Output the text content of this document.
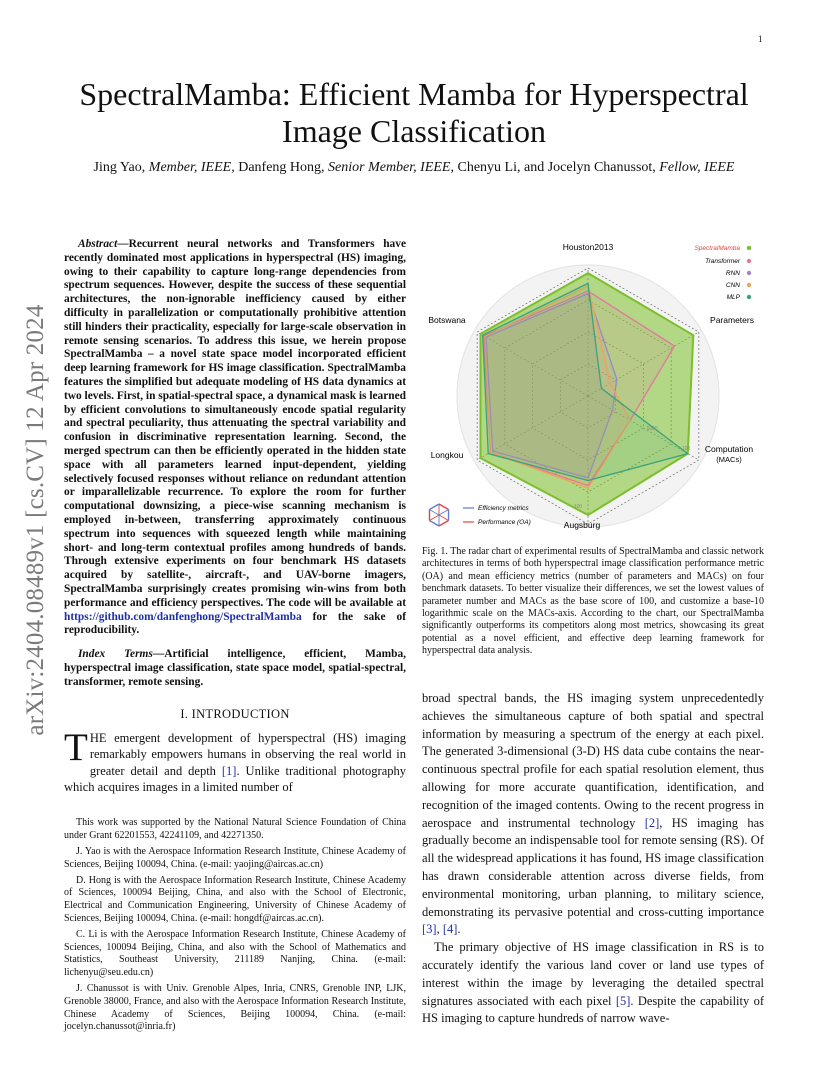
1
arXiv:2404.08489v1 [cs.CV] 12 Apr 2024
SpectralMamba: Efficient Mamba for Hyperspectral
Image Classification
Jing Yao, Member, IEEE, Danfeng Hong, Senior Member, IEEE, Chenyu Li, and Jocelyn Chanussot, Fellow, IEEE

Abstract—Recurrent neural networks and Transformers have recently dominated most applications in hyperspectral (HS) imaging, owing to their capability to capture long-range dependencies from spectrum sequences. However, despite the success of these sequential architectures, the non-ignorable inefficiency caused by either difficulty in parallelization or computationally prohibitive attention still hinders their practicality, especially for large-scale observation in remote sensing scenarios. To address this issue, we herein propose SpectralMamba – a novel state space model incorporated efficient deep learning framework for HS image classification. SpectralMamba features the simplified but adequate modeling of HS data dynamics at two levels. First, in spatial-spectral space, a dynamical mask is learned by efficient convolutions to simultaneously encode spatial regularity and spectral peculiarity, thus attenuating the spectral variability and confusion in discriminative representation learning. Second, the merged spectrum can then be efficiently operated in the hidden state space with all parameters learned input-dependent, yielding selectively focused responses without reliance on redundant attention or imparallelizable recurrence. To explore the room for further computational downsizing, a piece-wise scanning mechanism is employed in-between, transferring approximately continuous spectrum into sequences with squeezed length while maintaining short- and long-term contextual profiles among hundreds of bands. Through extensive experiments on four benchmark HS datasets acquired by satellite-, aircraft-, and UAV-borne imagers, SpectralMamba surprisingly creates promising win-wins from both performance and efficiency perspectives. The code will be available at https://github.com/danfenghong/SpectralMamba for the sake of reproducibility.

Index Terms—Artificial intelligence, efficient, Mamba, hyperspectral image classification, state space model, spatial-spectral, transformer, remote sensing.

I. INTRODUCTION

THE emergent development of hyperspectral (HS) imaging remarkably empowers humans in observing the real world in greater detail and depth [1]. Unlike traditional photography which acquires images in a limited number of

This work was supported by the National Natural Science Foundation of China under Grant 62201553, 42241109, and 42271350.

J. Yao is with the Aerospace Information Research Institute, Chinese Academy of Sciences, Beijing 100094, China. (e-mail: yaojing@aircas.ac.cn)

D. Hong is with the Aerospace Information Research Institute, Chinese Academy of Sciences, 100094 Beijing, China, and also with the School of Electronic, Electrical and Communication Engineering, University of Chinese Academy of Sciences, Beijing 100094, China. (e-mail: hongdf@aircas.ac.cn).

C. Li is with the Aerospace Information Research Institute, Chinese Academy of Sciences, 100094 Beijing, China, and also with the School of Mathematics and Statistics, Southeast University, 211189 Nanjing, China. (e-mail: lichenyu@seu.edu.cn)

J. Chanussot is with Univ. Grenoble Alpes, Inria, CNRS, Grenoble INP, LJK, Grenoble 38000, France, and also with the Aerospace Information Research Institute, Chinese Academy of Sciences, Beijing 100094, China. (e-mail: jocelyn.chanussot@inria.fr)

Houston2013
Parameters
Computation
(MACs)
Augsburg
Longkou
Botswana
100
1000
100
SpectralMamba
Transformer
RNN
CNN
MLP
Efficiency metrics
Performance (OA)
Fig. 1. The radar chart of experimental results of SpectralMamba and classic network architectures in terms of both hyperspectral image classification performance metric (OA) and mean efficiency metrics (number of parameters and MACs) on four benchmark datasets. To better visualize their differences, we set the lowest values of parameter number and MACs as the base score of 100, and customize a base-10 logarithmic scale on the MACs-axis. According to the chart, our SpectralMamba significantly outperforms its competitors along most metrics, showcasing its great potential as a novel efficient, and effective deep learning framework for hyperspectral data analysis.

broad spectral bands, the HS imaging system unprecedentedly achieves the simultaneous capture of both spatial and spectral information by measuring a spectrum of the energy at each pixel. The generated 3-dimensional (3-D) HS data cube contains the near-continuous spectral profile for each spatial resolution element, thus allowing for more accurate quantification, identification, and recognition of the imaged contents. Owing to the recent progress in aerospace and instrumental technology [2], HS imaging has gradually become an indispensable tool for remote sensing (RS). Of all the widespread applications it has found, HS image classification has drawn considerable attention across diverse fields, from environmental monitoring, urban planning, to military science, demonstrating its pervasive potential and cross-cutting importance [3], [4].

The primary objective of HS image classification in RS is to accurately identify the various land cover or land use types of interest within the image by leveraging the detailed spectral signatures associated with each pixel [5]. Despite the capability of HS imaging to capture hundreds of narrow wave-
